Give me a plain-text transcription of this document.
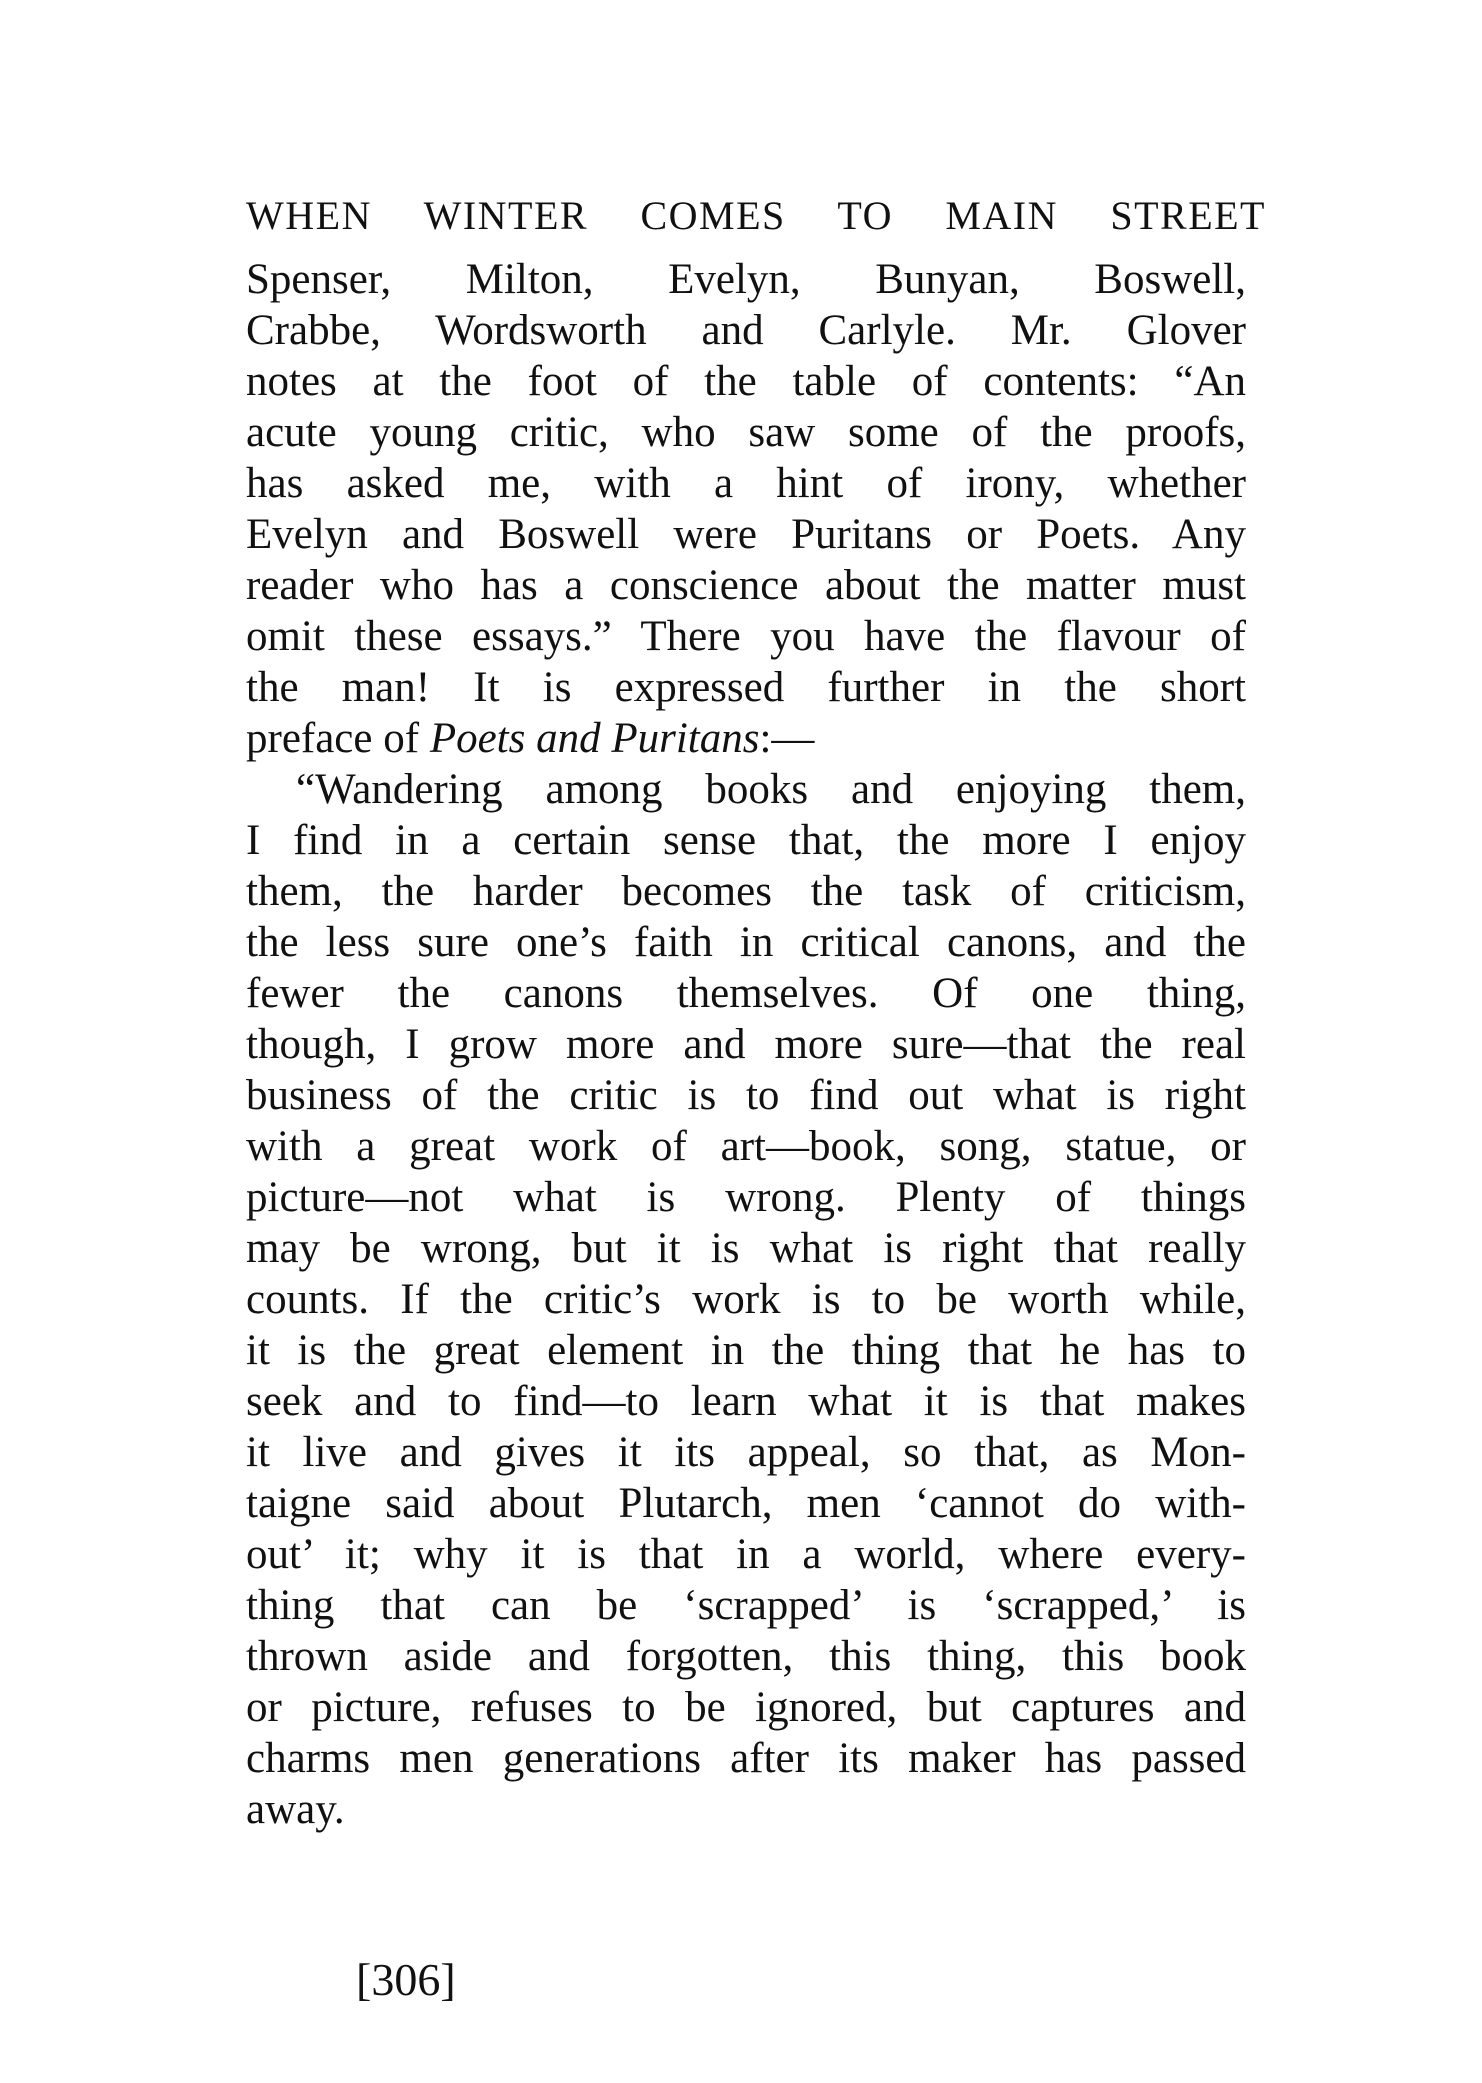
WHEN WINTER COMES TO MAIN STREET
Spenser, Milton, Evelyn, Bunyan, Boswell,
Crabbe, Wordsworth and Carlyle. Mr. Glover
notes at the foot of the table of contents: “An
acute young critic, who saw some of the proofs,
has asked me, with a hint of irony, whether
Evelyn and Boswell were Puritans or Poets. Any
reader who has a conscience about the matter must
omit these essays.” There you have the flavour of
the man! It is expressed further in the short
preface of Poets and Puritans:—
“Wandering among books and enjoying them,
I find in a certain sense that, the more I enjoy
them, the harder becomes the task of criticism,
the less sure one’s faith in critical canons, and the
fewer the canons themselves. Of one thing,
though, I grow more and more sure—that the real
business of the critic is to find out what is right
with a great work of art—book, song, statue, or
picture—not what is wrong. Plenty of things
may be wrong, but it is what is right that really
counts. If the critic’s work is to be worth while,
it is the great element in the thing that he has to
seek and to find—to learn what it is that makes
it live and gives it its appeal, so that, as Mon-
taigne said about Plutarch, men ‘cannot do with-
out’ it; why it is that in a world, where every-
thing that can be ‘scrapped’ is ‘scrapped,’ is
thrown aside and forgotten, this thing, this book
or picture, refuses to be ignored, but captures and
charms men generations after its maker has passed
away.

[306]
